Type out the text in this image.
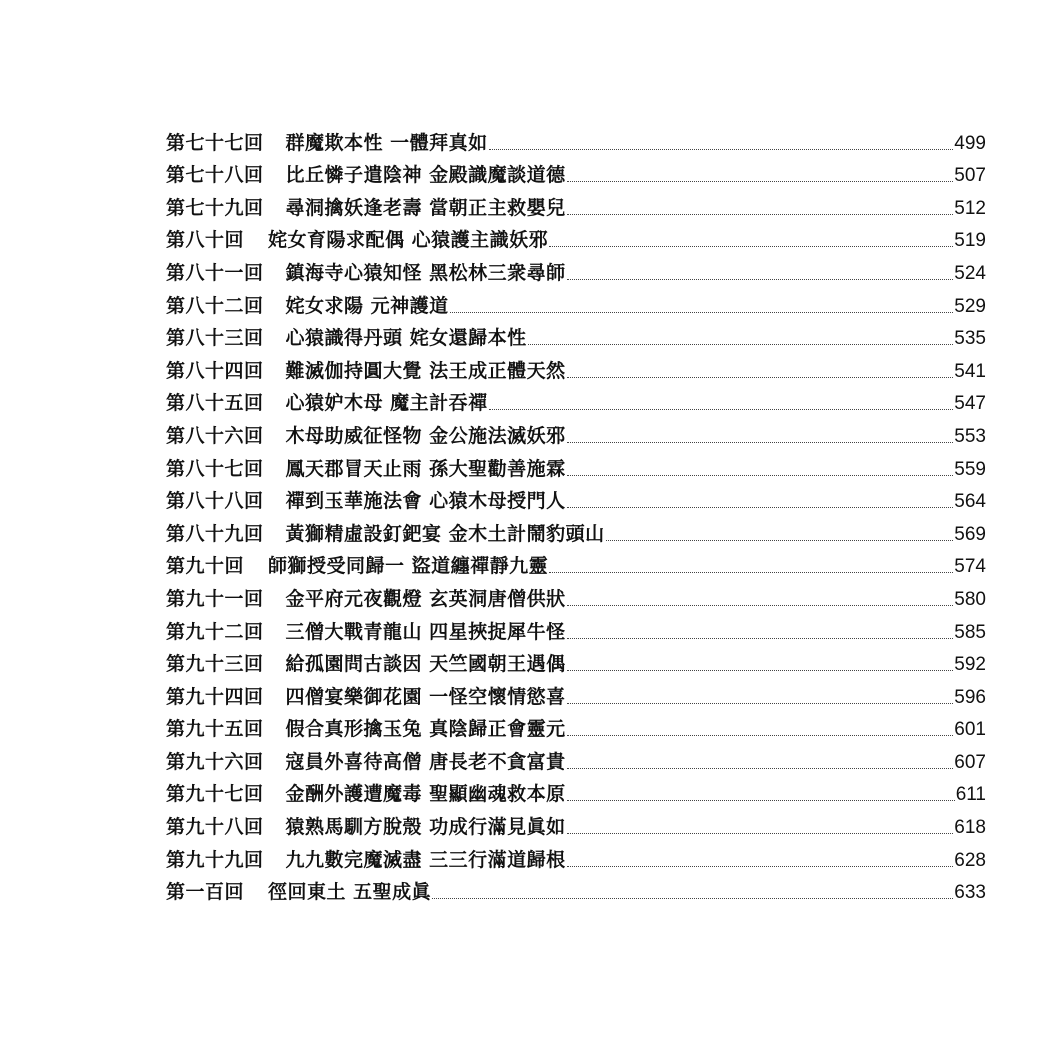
第七十七回 群魔欺本性 一體拜真如	499
第七十八回 比丘憐子遣陰神 金殿識魔談道德	507
第七十九回 尋洞擒妖逢老壽 當朝正主救嬰兒	512
第八十回 姹女育陽求配偶 心猿護主識妖邪	519
第八十一回 鎮海寺心猿知怪 黑松林三衆尋師	524
第八十二回 姹女求陽 元神護道	529
第八十三回 心猿識得丹頭 姹女還歸本性	535
第八十四回 難滅伽持圓大覺 法王成正體天然	541
第八十五回 心猿妒木母 魔主計吞禪	547
第八十六回 木母助威征怪物 金公施法滅妖邪	553
第八十七回 鳳天郡冒天止雨 孫大聖勸善施霖	559
第八十八回 禪到玉華施法會 心猿木母授門人	564
第八十九回 黃獅精虛設釘鈀宴 金木土計鬧豹頭山	569
第九十回 師獅授受同歸一 盜道纏禪靜九靈	574
第九十一回 金平府元夜觀燈 玄英洞唐僧供狀	580
第九十二回 三僧大戰青龍山 四星挾捉犀牛怪	585
第九十三回 給孤園問古談因 天竺國朝王遇偶	592
第九十四回 四僧宴樂御花園 一怪空懷情慾喜	596
第九十五回 假合真形擒玉兔 真陰歸正會靈元	601
第九十六回 寇員外喜待高僧 唐長老不貪富貴	607
第九十七回 金酬外護遭魔毒 聖顯幽魂救本原	611
第九十八回 猿熟馬馴方脫殼 功成行滿見眞如	618
第九十九回 九九數完魔滅盡 三三行滿道歸根	628
第一百回 徑回東土 五聖成眞	633
